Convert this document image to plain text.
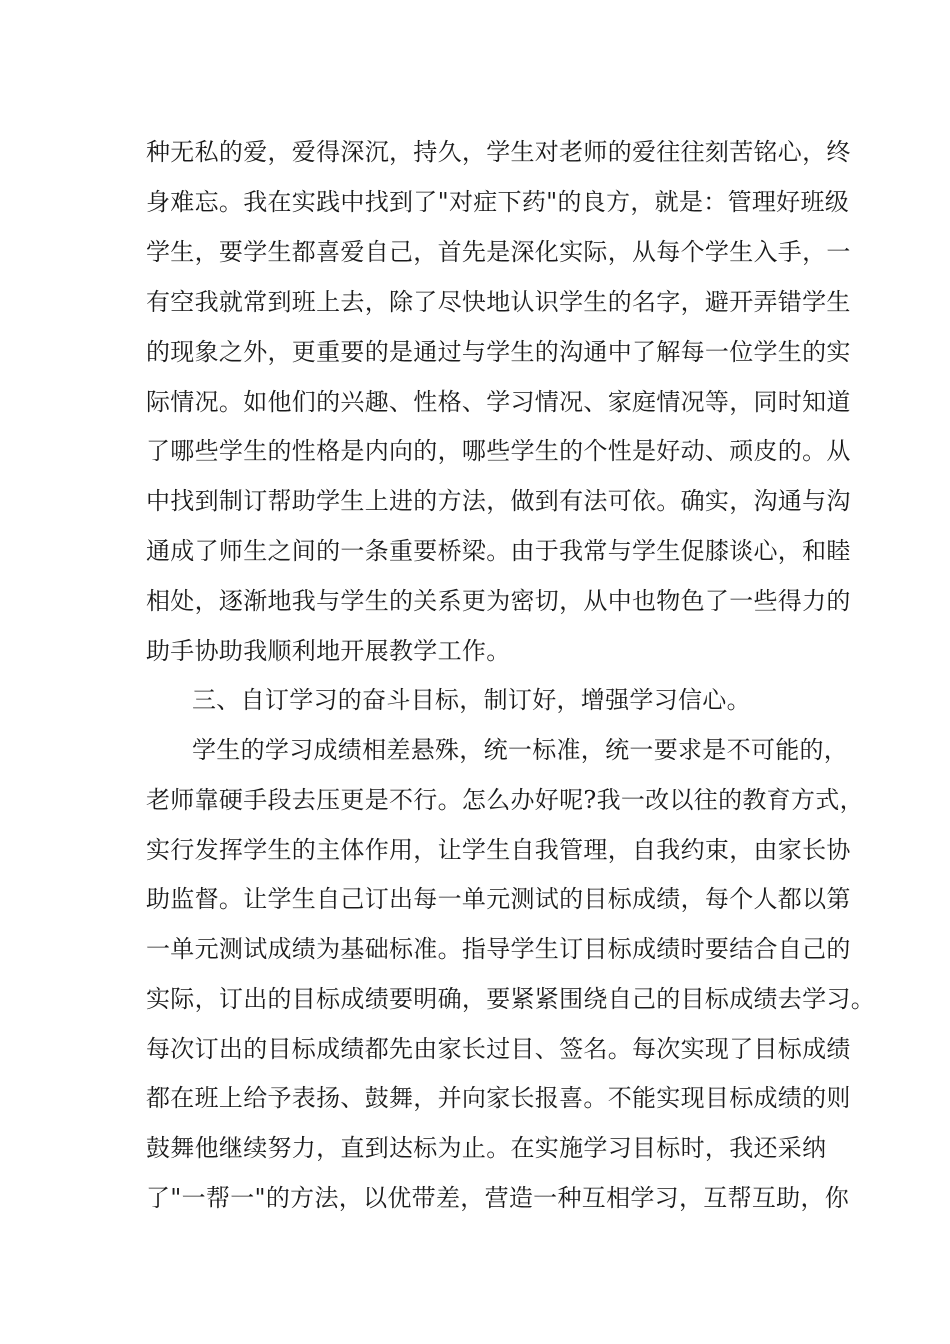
种无私的爱，爱得深沉，持久，学生对老师的爱往往刻苦铭心，终
身难忘。我在实践中找到了"对症下药"的良方，就是：管理好班级
学生，要学生都喜爱自己，首先是深化实际，从每个学生入手，一
有空我就常到班上去，除了尽快地认识学生的名字，避开弄错学生
的现象之外，更重要的是通过与学生的沟通中了解每一位学生的实
际情况。如他们的兴趣、性格、学习情况、家庭情况等，同时知道
了哪些学生的性格是内向的，哪些学生的个性是好动、顽皮的。从
中找到制订帮助学生上进的方法，做到有法可依。确实，沟通与沟
通成了师生之间的一条重要桥梁。由于我常与学生促膝谈心，和睦
相处，逐渐地我与学生的关系更为密切，从中也物色了一些得力的
助手协助我顺利地开展教学工作。
三、自订学习的奋斗目标，制订好，增强学习信心。
学生的学习成绩相差悬殊，统一标准，统一要求是不可能的，
老师靠硬手段去压更是不行。怎么办好呢?我一改以往的教育方式，
实行发挥学生的主体作用，让学生自我管理，自我约束，由家长协
助监督。让学生自己订出每一单元测试的目标成绩，每个人都以第
一单元测试成绩为基础标准。指导学生订目标成绩时要结合自己的
实际，订出的目标成绩要明确，要紧紧围绕自己的目标成绩去学习。
每次订出的目标成绩都先由家长过目、签名。每次实现了目标成绩
都在班上给予表扬、鼓舞，并向家长报喜。不能实现目标成绩的则
鼓舞他继续努力，直到达标为止。在实施学习目标时，我还采纳
了"一帮一"的方法，以优带差，营造一种互相学习，互帮互助，你
